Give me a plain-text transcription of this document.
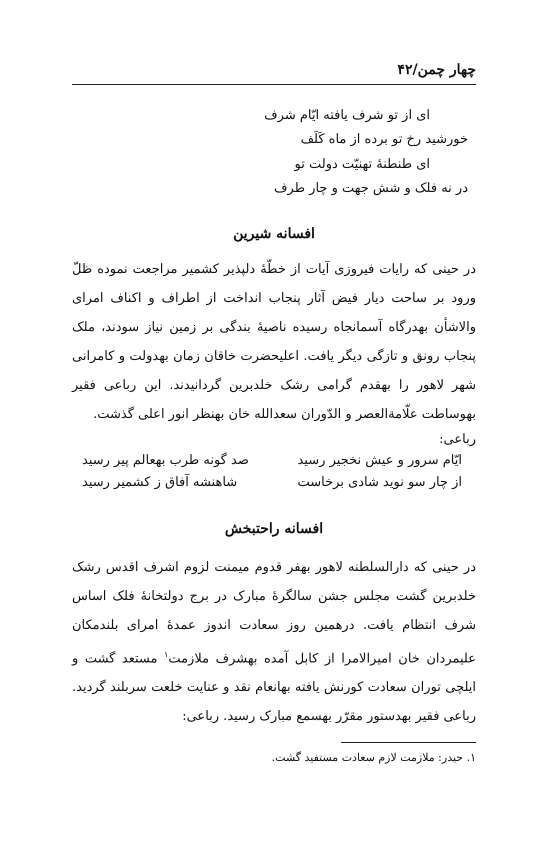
چهار چمن/۴۲
ای از تو شرف یافته ایّام شرف
خورشید رخ تو برده از ماه کَلَف
ای طنطنهٔ تهنیّت دولت تو
در نه فلک و شش جهت و چار طرف
افسانه شیرین

در حینی که رایات فیروزی آیات از خطّهٔ دلپذیر کشمیر مراجعت نموده ظلّ ورود بر ساحت دیار فیض آثار پنجاب انداخت از اطراف و اکناف امرای والاشأن بهدرگاه آسمانجاه رسیده ناصیهٔ بندگی بر زمین نیاز سودند، ملک پنجاب رونق و تازگی دیگر یافت. اعلیحضرت خاقان زمان بهدولت و کامرانی شهر لاهور را بهقدم گرامی رشک خلدبرین گردانیدند. این رباعی فقیر بهوساطت علّامةالعصر و الدّوران سعدالله خان بهنظر انور اعلی گذشت.

رباعی:
ایّام سرور و عیش نخجیر رسید
صد گونه طرب بهعالم پیر رسید
از چار سو نوید شادی برخاست
شاهنشه آفاق ز کشمیر رسید
افسانه راحتبخش

در حینی که دارالسلطنه لاهور بهفر قدوم میمنت لزوم اشرف اقدس رشک خلدبرین گشت مجلس جشن سالگرهٔ مبارک در برج دولتخانهٔ فلک اساس شرف انتظام یافت. درهمین روز سعادت اندوز عمدهٔ امرای بلندمکان علیمردان خان امیرالامرا از کابل آمده بهشرف ملازمت$^۱$ مستعد گشت و ایلچی توران سعادت کورنش یافته بهانعام نقد و عنایت خلعت سربلند گردید. رباعی فقیر بهدستور مقرّر بهسمع مبارک رسید. رباعی:

۱. حیدر: ملازمت لازم سعادت مستفید گشت.
